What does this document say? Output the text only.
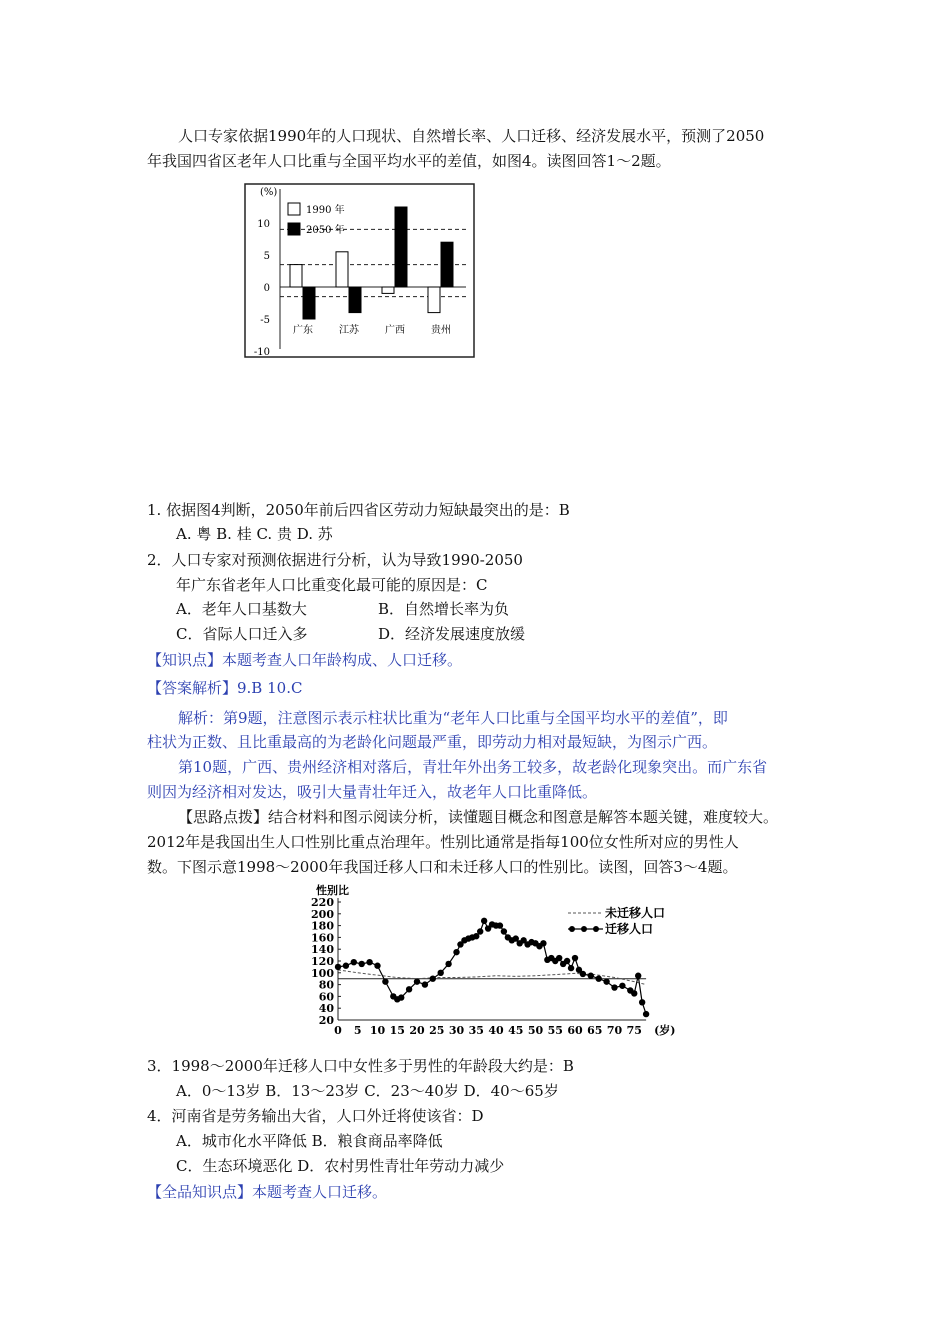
人口专家依据1990年的人口现状、自然增长率、人口迁移、经济发展水平，预测了2050
年我国四省区老年人口比重与全国平均水平的差值，如图4。读图回答1～2题。
(%)
10
5
0
-5
-10
广东	江苏	广西	贵州
1990 年
2050 年
1. 依据图4判断，2050年前后四省区劳动力短缺最突出的是：B
A. 粤 B. 桂 C. 贵 D. 苏
2．人口专家对预测依据进行分析，认为导致1990-2050
年广东省老年人口比重变化最可能的原因是：C
A．老年人口基数大	B．自然增长率为负
C．省际人口迁入多	D．经济发展速度放缓
【知识点】本题考查人口年龄构成、人口迁移。
【答案解析】9.B 10.C
解析：第9题，注意图示表示柱状比重为“老年人口比重与全国平均水平的差值”，即
柱状为正数、且比重最高的为老龄化问题最严重，即劳动力相对最短缺，为图示广西。
第10题，广西、贵州经济相对落后，青壮年外出务工较多，故老龄化现象突出。而广东省
则因为经济相对发达，吸引大量青壮年迁入，故老年人口比重降低。
【思路点拨】结合材料和图示阅读分析，读懂题目概念和图意是解答本题关键，难度较大。
2012年是我国出生人口性别比重点治理年。性别比通常是指每100位女性所对应的男性人
数。下图示意1998～2000年我国迁移人口和未迁移人口的性别比。读图，回答3～4题。
性别比
220
200
180
160
140
120
100
80
60
40
20
0 5 10 15 20 25 30 35 40 45 50 55 60 65 70 75 (岁)
未迁移人口
迁移人口
3．1998～2000年迁移人口中女性多于男性的年龄段大约是：B
A．0～13岁 B．13～23岁 C．23～40岁 D．40～65岁
4．河南省是劳务输出大省，人口外迁将使该省：D
A．城市化水平降低 B．粮食商品率降低
C．生态环境恶化 D．农村男性青壮年劳动力减少
【全品知识点】本题考查人口迁移。
